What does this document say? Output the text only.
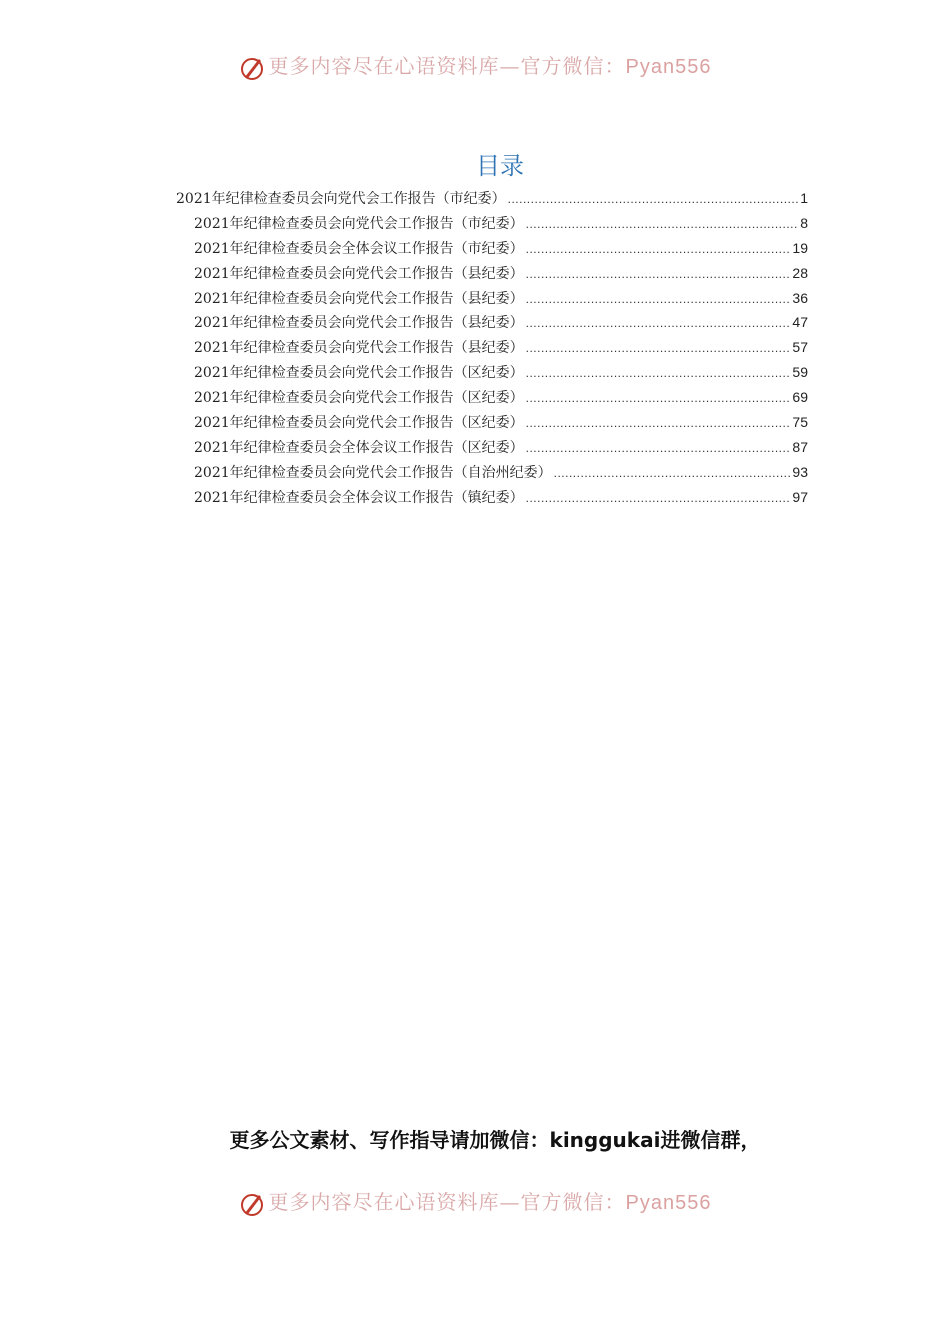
更多内容尽在心语资料库—官方微信：Pyan556
目录
2021年纪律检查委员会向党代会工作报告（市纪委） .....	1
2021年纪律检查委员会向党代会工作报告（市纪委） .....	8
2021年纪律检查委员会全体会议工作报告（市纪委） .....	19
2021年纪律检查委员会向党代会工作报告（县纪委） .....	28
2021年纪律检查委员会向党代会工作报告（县纪委） .....	36
2021年纪律检查委员会向党代会工作报告（县纪委） .....	47
2021年纪律检查委员会向党代会工作报告（县纪委） .....	57
2021年纪律检查委员会向党代会工作报告（区纪委） .....	59
2021年纪律检查委员会向党代会工作报告（区纪委） .....	69
2021年纪律检查委员会向党代会工作报告（区纪委） .....	75
2021年纪律检查委员会全体会议工作报告（区纪委） .....	87
2021年纪律检查委员会向党代会工作报告（自治州纪委） .....	93
2021年纪律检查委员会全体会议工作报告（镇纪委） .....	97
更多公文素材、写作指导请加微信：kinggukai进微信群，
更多内容尽在心语资料库—官方微信：Pyan556
